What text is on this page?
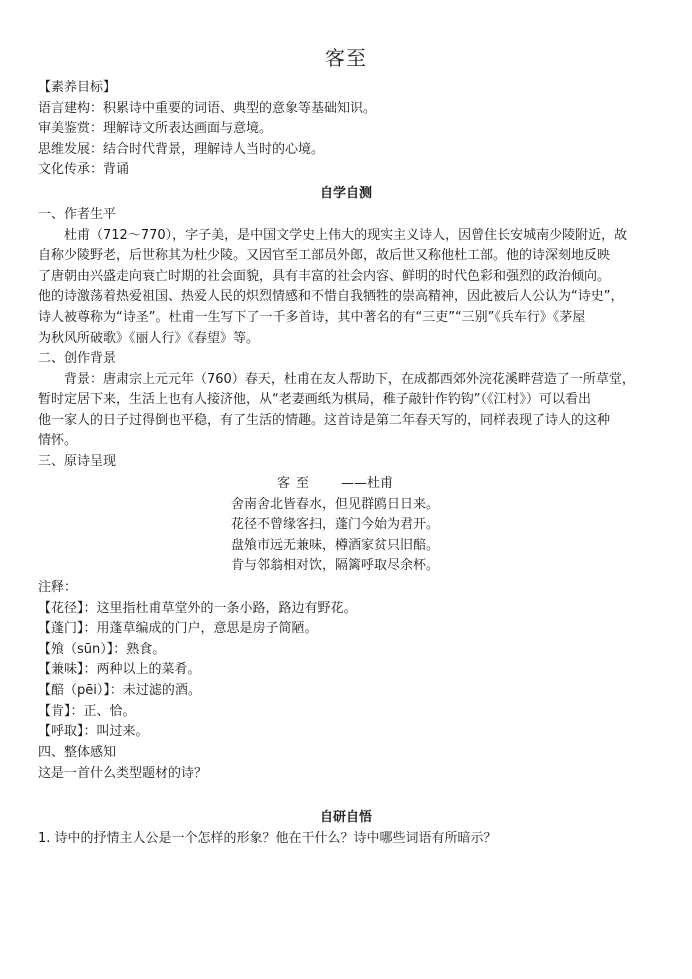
客至
【素养目标】
语言建构：积累诗中重要的词语、典型的意象等基础知识。
审美鉴赏：理解诗文所表达画面与意境。
思维发展：结合时代背景，理解诗人当时的心境。
文化传承：背诵
自学自测
一、作者生平
杜甫（712～770），字子美，是中国文学史上伟大的现实主义诗人，因曾住长安城南少陵附近，故
自称少陵野老，后世称其为杜少陵。又因官至工部员外郎，故后世又称他杜工部。他的诗深刻地反映
了唐朝由兴盛走向衰亡时期的社会面貌，具有丰富的社会内容、鲜明的时代色彩和强烈的政治倾向。
他的诗激荡着热爱祖国、热爱人民的炽烈情感和不惜自我牺牲的崇高精神，因此被后人公认为“诗史”，
诗人被尊称为“诗圣”。杜甫一生写下了一千多首诗，其中著名的有“三吏”“三别”《兵车行》《茅屋
为秋风所破歌》《丽人行》《春望》等。
二、创作背景
背景：唐肃宗上元元年（760）春天，杜甫在友人帮助下，在成都西郊外浣花溪畔营造了一所草堂，
暂时定居下来，生活上也有人接济他，从“老妻画纸为棋局，稚子敲针作钓钩”（《江村》）可以看出
他一家人的日子过得倒也平稳，有了生活的情趣。这首诗是第二年春天写的，同样表现了诗人的这种
情怀。
三、原诗呈现
客至 ——杜甫
舍南舍北皆春水，但见群鸥日日来。
花径不曾缘客扫，蓬门今始为君开。
盘飧市远无兼味，樽酒家贫只旧醅。
肯与邻翁相对饮，隔篱呼取尽余杯。
注释：
【花径】：这里指杜甫草堂外的一条小路，路边有野花。
【蓬门】：用蓬草编成的门户，意思是房子简陋。
【飧（sūn）】：熟食。
【兼味】：两种以上的菜肴。
【醅（pēi）】：未过滤的酒。
【肯】：正、恰。
【呼取】：叫过来。
四、整体感知
这是一首什么类型题材的诗？
自研自悟
1. 诗中的抒情主人公是一个怎样的形象？他在干什么？诗中哪些词语有所暗示？
